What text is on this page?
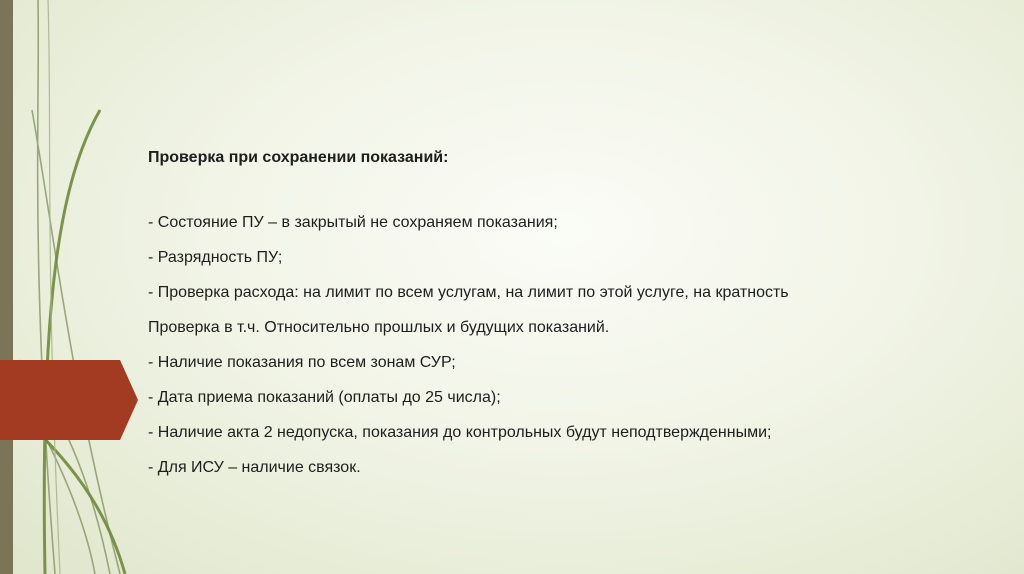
Проверка при сохранении показаний:
- Состояние ПУ – в закрытый не сохраняем показания;
- Разрядность ПУ;
- Проверка расхода: на лимит по всем услугам, на лимит по этой услуге, на кратность
Проверка в т.ч. Относительно прошлых и будущих показаний.
- Наличие показания по всем зонам СУР;
- Дата приема показаний (оплаты до 25 числа);
- Наличие акта 2 недопуска, показания до контрольных будут неподтвержденными;
- Для ИСУ – наличие связок.
